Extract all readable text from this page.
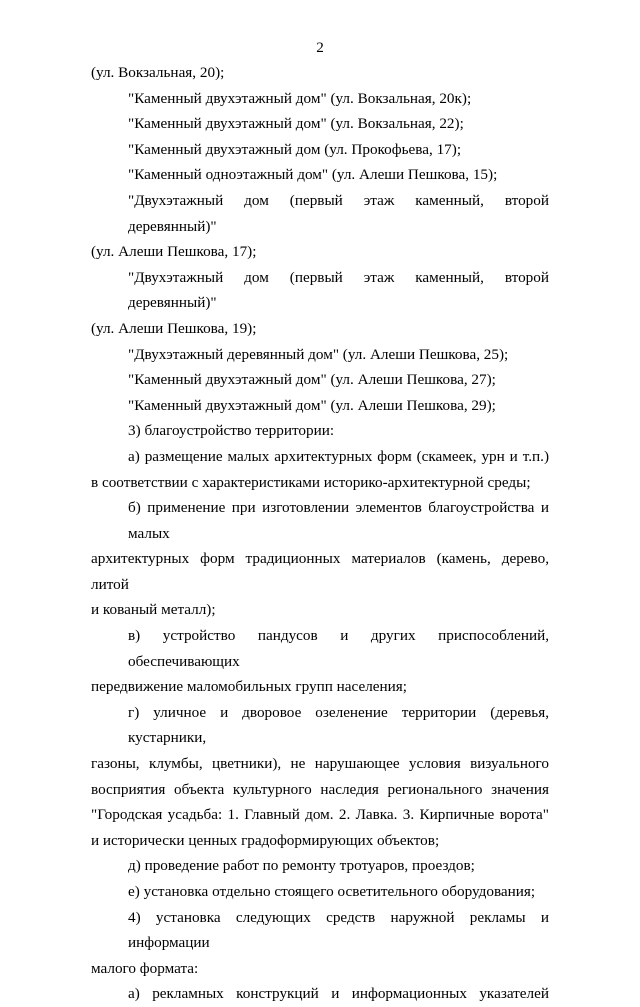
2
(ул. Вокзальная, 20);
"Каменный двухэтажный дом" (ул. Вокзальная, 20к);
"Каменный двухэтажный дом" (ул. Вокзальная, 22);
"Каменный двухэтажный дом (ул. Прокофьева, 17);
"Каменный одноэтажный дом" (ул. Алеши Пешкова, 15);
"Двухэтажный дом (первый этаж каменный, второй деревянный)"
(ул. Алеши Пешкова, 17);
"Двухэтажный дом (первый этаж каменный, второй деревянный)"
(ул. Алеши Пешкова, 19);
"Двухэтажный деревянный дом" (ул. Алеши Пешкова, 25);
"Каменный двухэтажный дом" (ул. Алеши Пешкова, 27);
"Каменный двухэтажный дом" (ул. Алеши Пешкова, 29);
3) благоустройство территории:
а) размещение малых архитектурных форм (скамеек, урн и т.п.)
в соответствии с характеристиками историко-архитектурной среды;
б) применение при изготовлении элементов благоустройства и малых
архитектурных форм традиционных материалов (камень, дерево, литой
и кованый металл);
в) устройство пандусов и других приспособлений, обеспечивающих
передвижение маломобильных групп населения;
г) уличное и дворовое озеленение территории (деревья, кустарники,
газоны, клумбы, цветники), не нарушающее условия визуального
восприятия объекта культурного наследия регионального значения
"Городская усадьба: 1. Главный дом. 2. Лавка. 3. Кирпичные ворота"
и исторически ценных градоформирующих объектов;
д) проведение работ по ремонту тротуаров, проездов;
е) установка отдельно стоящего осветительного оборудования;
4) установка следующих средств наружной рекламы и информации
малого формата:
а) рекламных конструкций и информационных указателей
